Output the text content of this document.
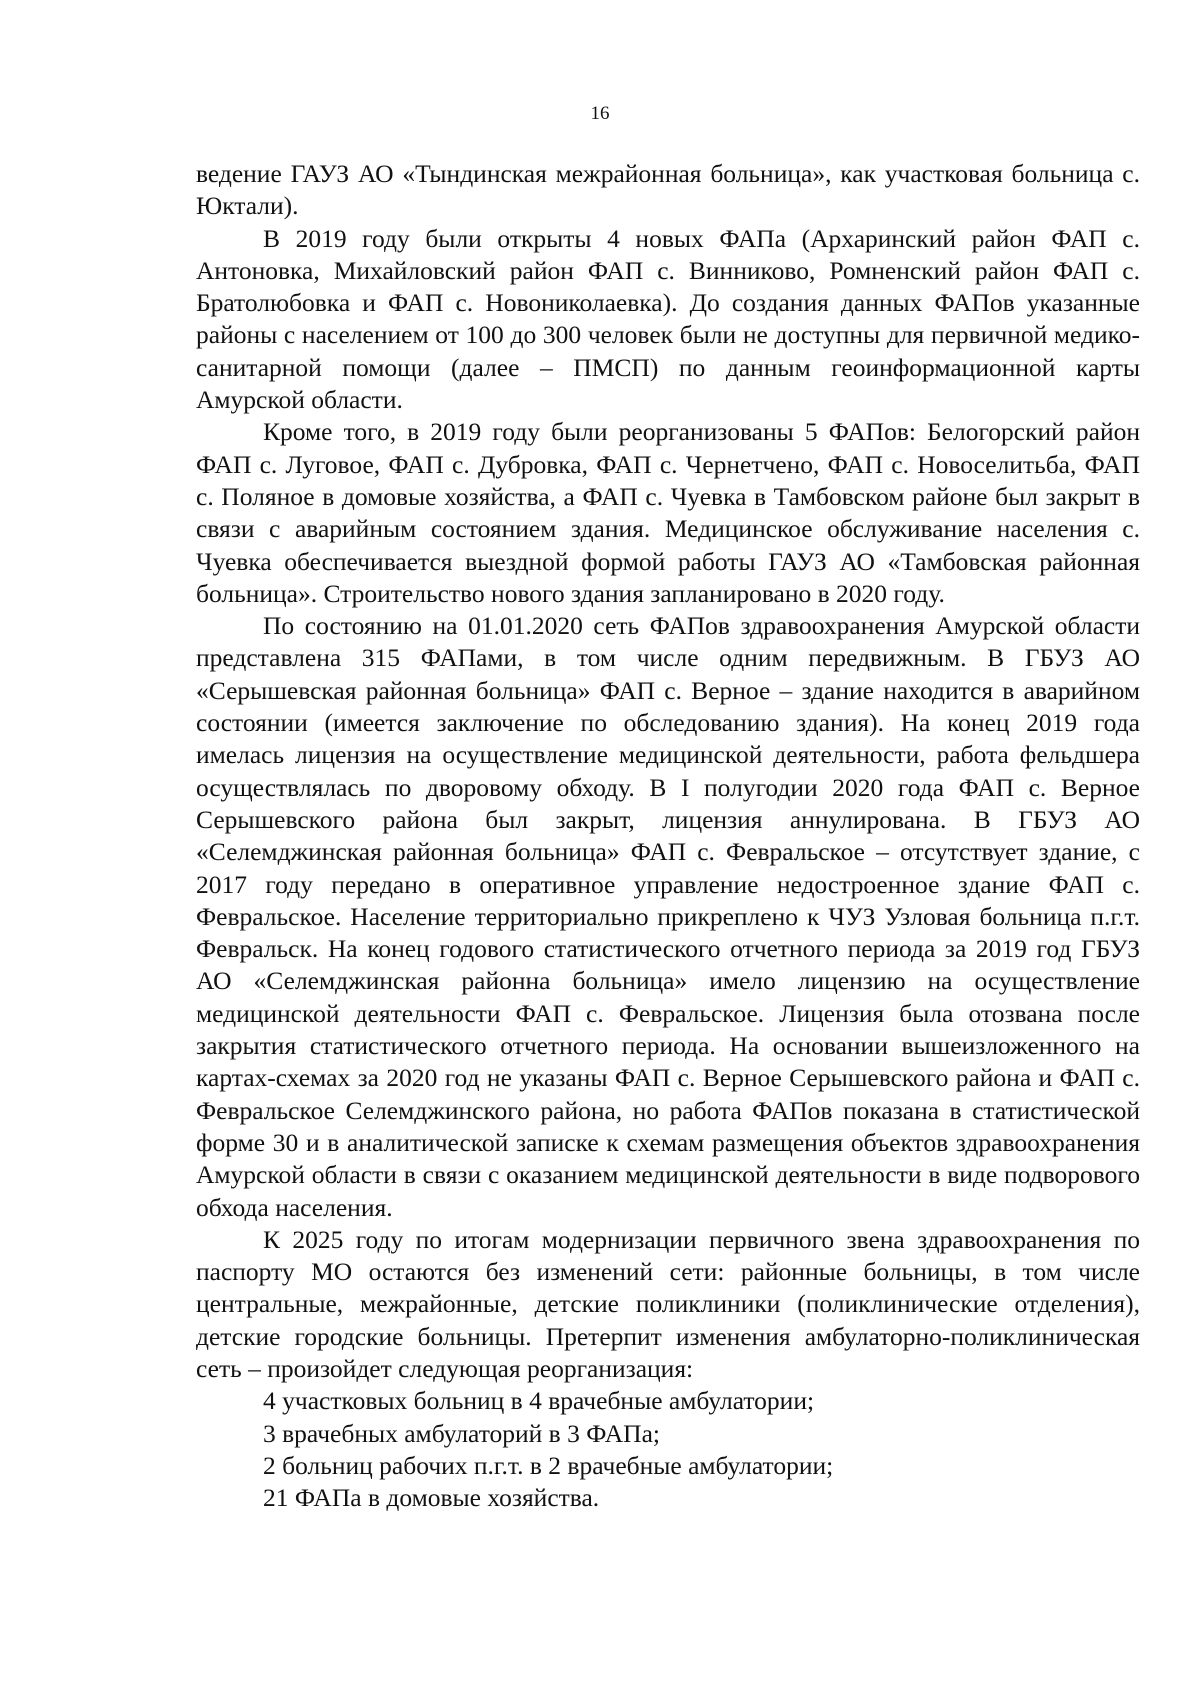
16

ведение ГАУЗ АО «Тындинская межрайонная больница», как участковая больница с. Юктали).

В 2019 году были открыты 4 новых ФАПа (Архаринский район ФАП с. Антоновка, Михайловский район ФАП с. Винниково, Ромненский район ФАП с. Братолюбовка и ФАП с. Новониколаевка). До создания данных ФАПов указанные районы с населением от 100 до 300 человек были не доступны для первичной медико-санитарной помощи (далее – ПМСП) по данным геоинформационной карты Амурской области.

Кроме того, в 2019 году были реорганизованы 5 ФАПов: Белогорский район ФАП с. Луговое, ФАП с. Дубровка, ФАП с. Чернетчено, ФАП с. Новоселитьба, ФАП с. Поляное в домовые хозяйства, а ФАП с. Чуевка в Тамбовском районе был закрыт в связи с аварийным состоянием здания. Медицинское обслуживание населения с. Чуевка обеспечивается выездной формой работы ГАУЗ АО «Тамбовская районная больница». Строительство нового здания запланировано в 2020 году.

По состоянию на 01.01.2020 сеть ФАПов здравоохранения Амурской области представлена 315 ФАПами, в том числе одним передвижным. В ГБУЗ АО «Серышевская районная больница» ФАП с. Верное – здание находится в аварийном состоянии (имеется заключение по обследованию здания). На конец 2019 года имелась лицензия на осуществление медицинской деятельности, работа фельдшера осуществлялась по дворовому обходу. В I полугодии 2020 года ФАП с. Верное Серышевского района был закрыт, лицензия аннулирована. В ГБУЗ АО «Селемджинская районная больница» ФАП с. Февральское – отсутствует здание, с 2017 году передано в оперативное управление недостроенное здание ФАП с. Февральское. Население территориально прикреплено к ЧУЗ Узловая больница п.г.т. Февральск. На конец годового статистического отчетного периода за 2019 год ГБУЗ АО «Селемджинская районна больница» имело лицензию на осуществление медицинской деятельности ФАП с. Февральское. Лицензия была отозвана после закрытия статистического отчетного периода. На основании вышеизложенного на картах-схемах за 2020 год не указаны ФАП с. Верное Серышевского района и ФАП с. Февральское Селемджинского района, но работа ФАПов показана в статистической форме 30 и в аналитической записке к схемам размещения объектов здравоохранения Амурской области в связи с оказанием медицинской деятельности в виде подворового обхода населения.

К 2025 году по итогам модернизации первичного звена здравоохранения по паспорту МО остаются без изменений сети: районные больницы, в том числе центральные, межрайонные, детские поликлиники (поликлинические отделения), детские городские больницы. Претерпит изменения амбулаторно-поликлиническая сеть – произойдет следующая реорганизация:

4 участковых больниц в 4 врачебные амбулатории;

3 врачебных амбулаторий в 3 ФАПа;

2 больниц рабочих п.г.т. в 2 врачебные амбулатории;

21 ФАПа в домовые хозяйства.
